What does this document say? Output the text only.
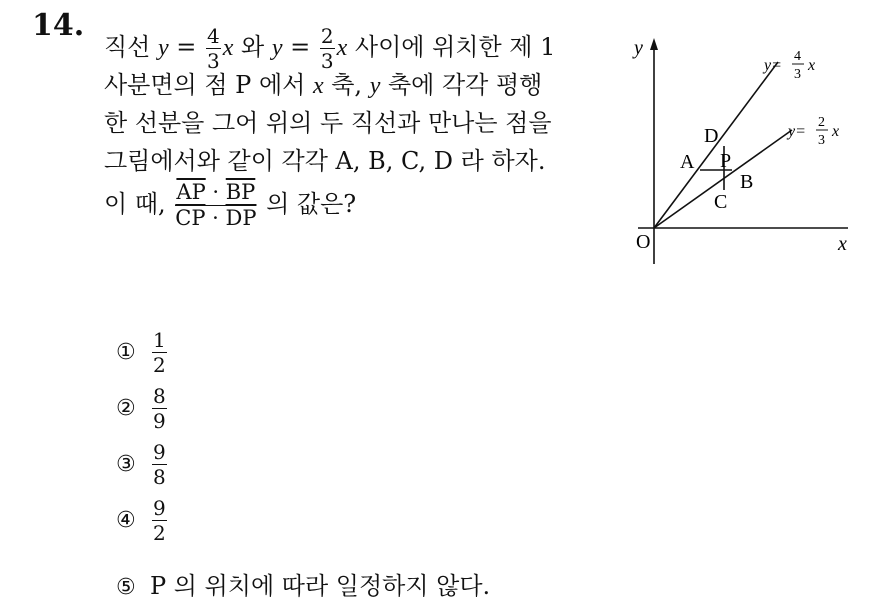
14.
직선 $y = \frac{4}{3}$ x 와 $y = \frac{2}{3}$ x 사이에 위치한 제 1
사분면의 점 P 에서 x 축, y 축에 각각 평행
한 선분을 그어 위의 두 직선과 만나는 점을
그림에서와 같이 각각 A, B, C, D 라 하자.
이 때, $\frac{\overline{AP} \cdot \overline{BP}}{\overline{CP} \cdot \overline{DP}}$ 의 값은?
y
x
O
D
A P
B
C
y=
4
3
x
y=
2
3
x
① $\frac{1}{2}$
② $\frac{8}{9}$
③ $\frac{9}{8}$
④ $\frac{9}{2}$
⑤ P 의 위치에 따라 일정하지 않다.
